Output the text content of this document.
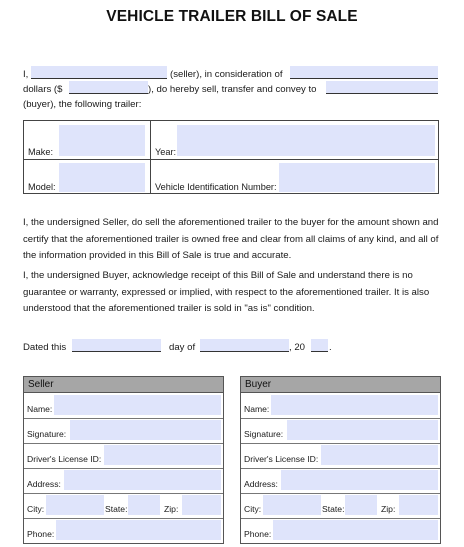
VEHICLE TRAILER BILL OF SALE
I,	(seller), in consideration of
dollars ($	), do hereby sell, transfer and convey to
(buyer), the following trailer:
Make:	Year:
Model:	Vehicle Identification Number:
I, the undersigned Seller, do sell the aforementioned trailer to the buyer for the amount shown and certify that the aforementioned trailer is owned free and clear from all claims of any kind, and all of the information provided in this Bill of Sale is true and accurate.
I, the undersigned Buyer, acknowledge receipt of this Bill of Sale and understand there is no guarantee or warranty, expressed or implied, with respect to the aforementioned trailer. It is also understood that the aforementioned trailer is sold in "as is" condition.
Dated this	day of	, 20 .
Seller
Name:
Signature:
Driver's License ID:
Address:
City:	State:	Zip:
Phone:
Buyer
Name:
Signature:
Driver's License ID:
Address:
City:	State:	Zip:
Phone:
